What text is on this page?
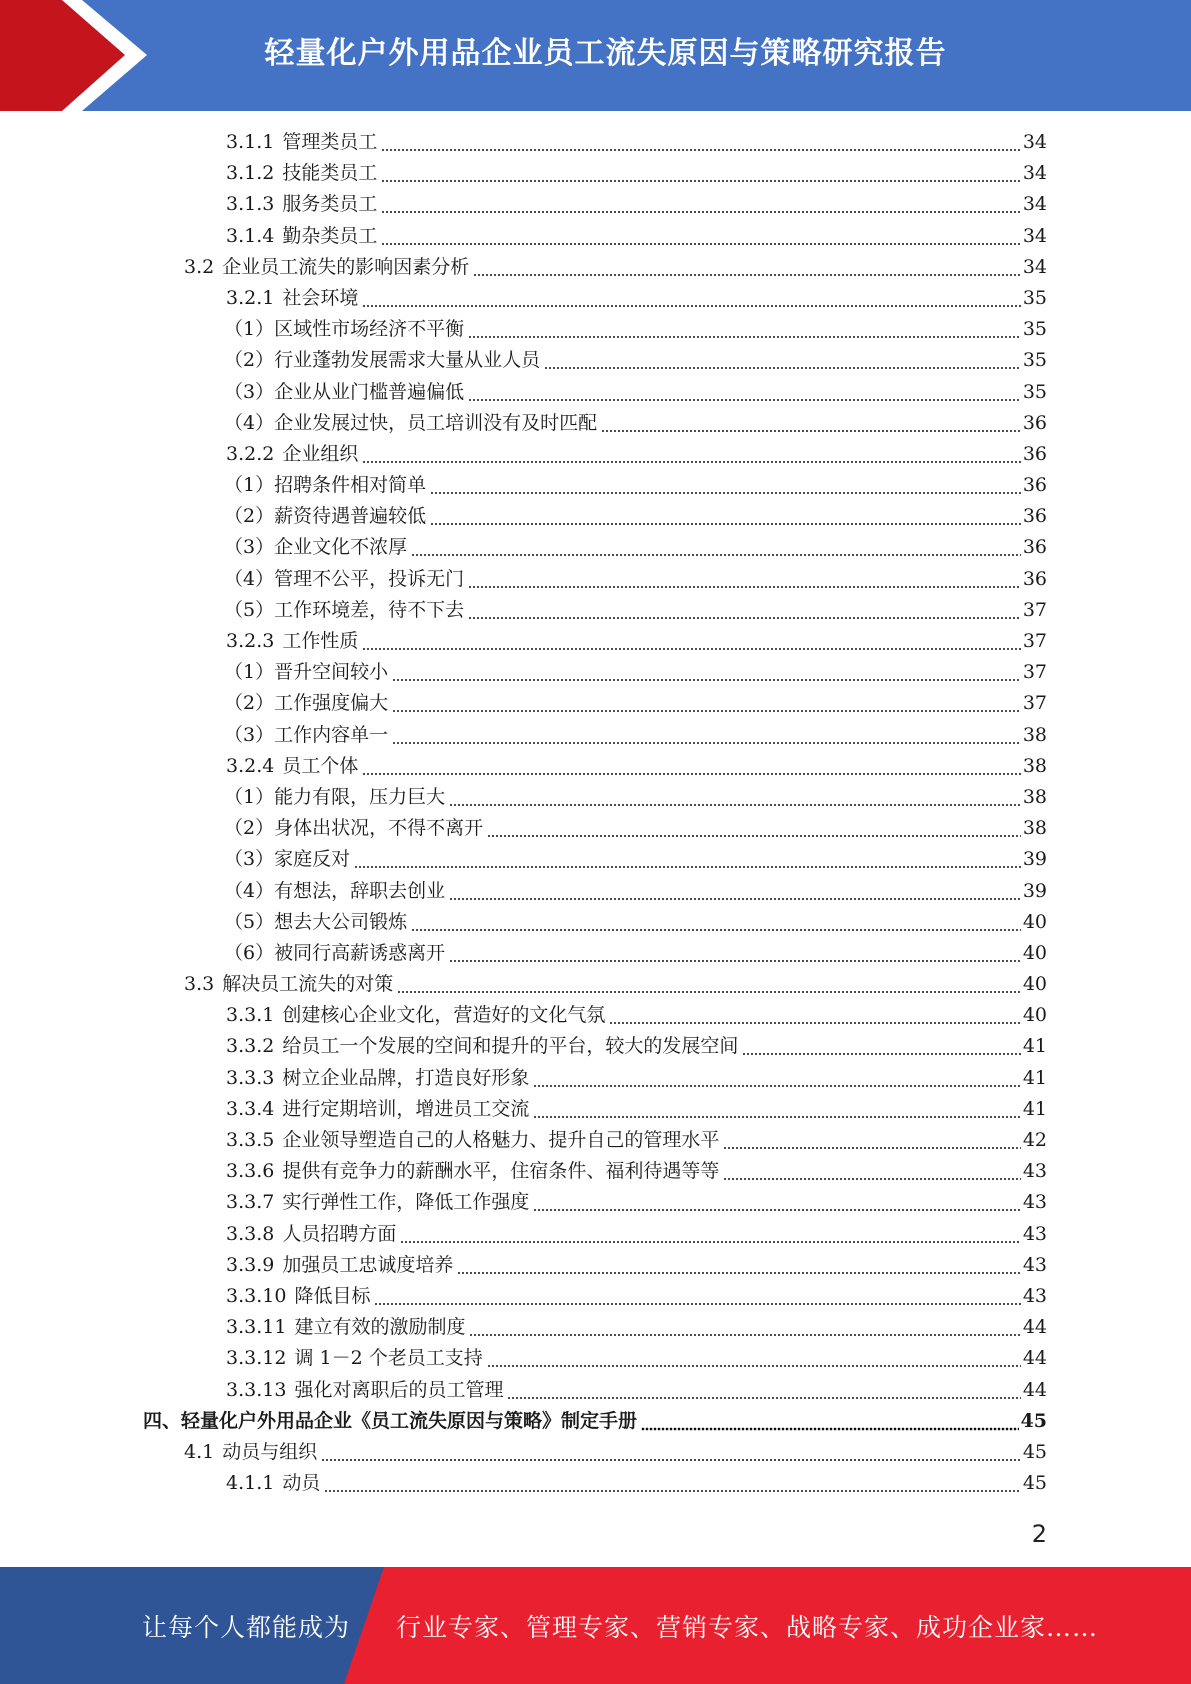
轻量化户外用品企业员工流失原因与策略研究报告
3.1.1 管理类员工	34
3.1.2 技能类员工	34
3.1.3 服务类员工	34
3.1.4 勤杂类员工	34
3.2 企业员工流失的影响因素分析	34
3.2.1 社会环境	35
（1）区域性市场经济不平衡	35
（2）行业蓬勃发展需求大量从业人员	35
（3）企业从业门槛普遍偏低	35
（4）企业发展过快，员工培训没有及时匹配	36
3.2.2 企业组织	36
（1）招聘条件相对简单	36
（2）薪资待遇普遍较低	36
（3）企业文化不浓厚	36
（4）管理不公平，投诉无门	36
（5）工作环境差，待不下去	37
3.2.3 工作性质	37
（1）晋升空间较小	37
（2）工作强度偏大	37
（3）工作内容单一	38
3.2.4 员工个体	38
（1）能力有限，压力巨大	38
（2）身体出状况，不得不离开	38
（3）家庭反对	39
（4）有想法，辞职去创业	39
（5）想去大公司锻炼	40
（6）被同行高薪诱惑离开	40
3.3 解决员工流失的对策	40
3.3.1 创建核心企业文化，营造好的文化气氛	40
3.3.2 给员工一个发展的空间和提升的平台，较大的发展空间	41
3.3.3 树立企业品牌，打造良好形象	41
3.3.4 进行定期培训，增进员工交流	41
3.3.5 企业领导塑造自己的人格魅力、提升自己的管理水平	42
3.3.6 提供有竞争力的薪酬水平，住宿条件、福利待遇等等	43
3.3.7 实行弹性工作，降低工作强度	43
3.3.8 人员招聘方面	43
3.3.9 加强员工忠诚度培养	43
3.3.10 降低目标	43
3.3.11 建立有效的激励制度	44
3.3.12 调 1－2 个老员工支持	44
3.3.13 强化对离职后的员工管理	44
四、轻量化户外用品企业《员工流失原因与策略》制定手册	45
4.1 动员与组织	45
4.1.1 动员	45
2
让每个人都能成为 行业专家、管理专家、营销专家、战略专家、成功企业家……
